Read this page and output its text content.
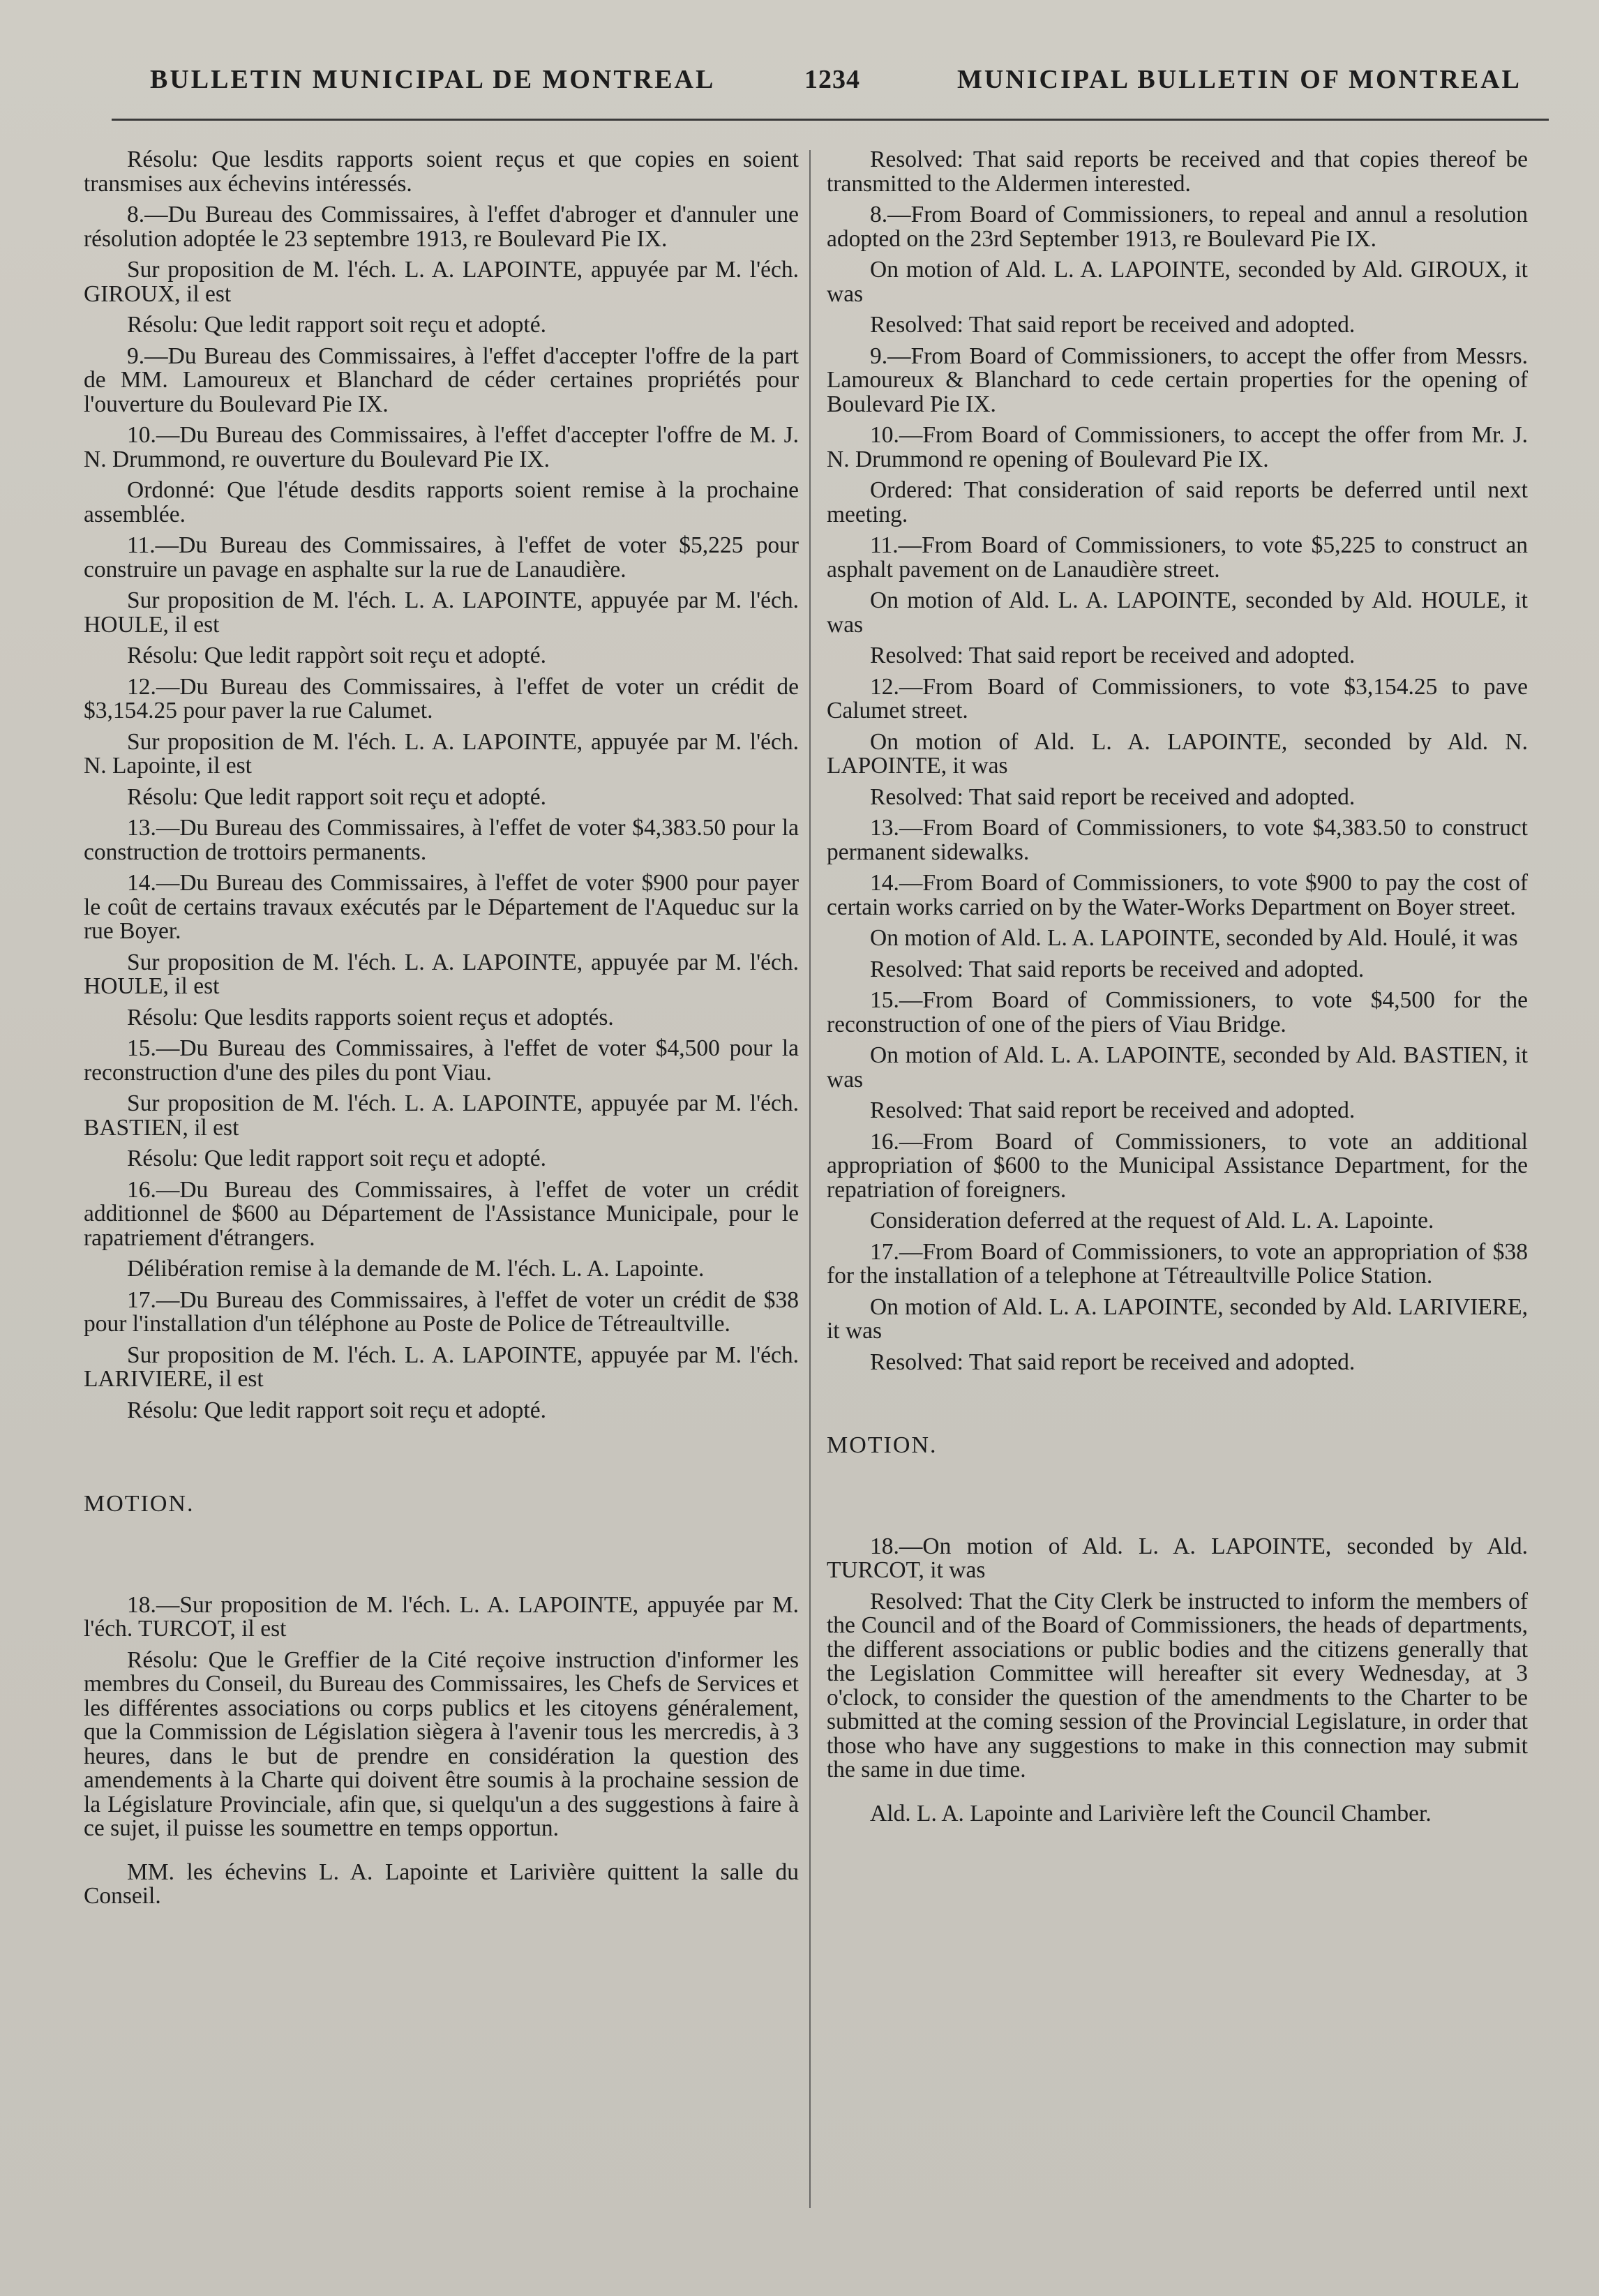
BULLETIN MUNICIPAL DE MONTREAL	1234	MUNICIPAL BULLETIN OF MONTREAL

Résolu: Que lesdits rapports soient reçus et que copies en soient transmises aux échevins intéressés.

8.—Du Bureau des Commissaires, à l'effet d'abroger et d'annuler une résolution adoptée le 23 septembre 1913, re Boulevard Pie IX.

Sur proposition de M. l'éch. L. A. LAPOINTE, appuyée par M. l'éch. GIROUX, il est

Résolu: Que ledit rapport soit reçu et adopté.

9.—Du Bureau des Commissaires, à l'effet d'accepter l'offre de la part de MM. Lamoureux et Blanchard de céder certaines propriétés pour l'ouverture du Boulevard Pie IX.

10.—Du Bureau des Commissaires, à l'effet d'accepter l'offre de M. J. N. Drummond, re ouverture du Boulevard Pie IX.

Ordonné: Que l'étude desdits rapports soient remise à la prochaine assemblée.

11.—Du Bureau des Commissaires, à l'effet de voter $5,225 pour construire un pavage en asphalte sur la rue de Lanaudière.

Sur proposition de M. l'éch. L. A. LAPOINTE, appuyée par M. l'éch. HOULE, il est

Résolu: Que ledit rappòrt soit reçu et adopté.

12.—Du Bureau des Commissaires, à l'effet de voter un crédit de $3,154.25 pour paver la rue Calumet.

Sur proposition de M. l'éch. L. A. LAPOINTE, appuyée par M. l'éch. N. Lapointe, il est

Résolu: Que ledit rapport soit reçu et adopté.

13.—Du Bureau des Commissaires, à l'effet de voter $4,383.50 pour la construction de trottoirs permanents.

14.—Du Bureau des Commissaires, à l'effet de voter $900 pour payer le coût de certains travaux exécutés par le Département de l'Aqueduc sur la rue Boyer.

Sur proposition de M. l'éch. L. A. LAPOINTE, appuyée par M. l'éch. HOULE, il est

Résolu: Que lesdits rapports soient reçus et adoptés.

15.—Du Bureau des Commissaires, à l'effet de voter $4,500 pour la reconstruction d'une des piles du pont Viau.

Sur proposition de M. l'éch. L. A. LAPOINTE, appuyée par M. l'éch. BASTIEN, il est

Résolu: Que ledit rapport soit reçu et adopté.

16.—Du Bureau des Commissaires, à l'effet de voter un crédit additionnel de $600 au Département de l'Assistance Municipale, pour le rapatriement d'étrangers.

Délibération remise à la demande de M. l'éch. L. A. Lapointe.

17.—Du Bureau des Commissaires, à l'effet de voter un crédit de $38 pour l'installation d'un téléphone au Poste de Police de Tétreaultville.

Sur proposition de M. l'éch. L. A. LAPOINTE, appuyée par M. l'éch. LARIVIERE, il est

Résolu: Que ledit rapport soit reçu et adopté.

MOTION.

18.—Sur proposition de M. l'éch. L. A. LAPOINTE, appuyée par M. l'éch. TURCOT, il est

Résolu: Que le Greffier de la Cité reçoive instruction d'informer les membres du Conseil, du Bureau des Commissaires, les Chefs de Services et les différentes associations ou corps publics et les citoyens généralement, que la Commission de Législation siègera à l'avenir tous les mercredis, à 3 heures, dans le but de prendre en considération la question des amendements à la Charte qui doivent être soumis à la prochaine session de la Législature Provinciale, afin que, si quelqu'un a des suggestions à faire à ce sujet, il puisse les soumettre en temps opportun.

MM. les échevins L. A. Lapointe et Larivière quittent la salle du Conseil.

Resolved: That said reports be received and that copies thereof be transmitted to the Aldermen interested.

8.—From Board of Commissioners, to repeal and annul a resolution adopted on the 23rd September 1913, re Boulevard Pie IX.

On motion of Ald. L. A. LAPOINTE, seconded by Ald. GIROUX, it was

Resolved: That said report be received and adopted.

9.—From Board of Commissioners, to accept the offer from Messrs. Lamoureux & Blanchard to cede certain properties for the opening of Boulevard Pie IX.

10.—From Board of Commissioners, to accept the offer from Mr. J. N. Drummond re opening of Boulevard Pie IX.

Ordered: That consideration of said reports be deferred until next meeting.

11.—From Board of Commissioners, to vote $5,225 to construct an asphalt pavement on de Lanaudière street.

On motion of Ald. L. A. LAPOINTE, seconded by Ald. HOULE, it was

Resolved: That said report be received and adopted.

12.—From Board of Commissioners, to vote $3,154.25 to pave Calumet street.

On motion of Ald. L. A. LAPOINTE, seconded by Ald. N. LAPOINTE, it was

Resolved: That said report be received and adopted.

13.—From Board of Commissioners, to vote $4,383.50 to construct permanent sidewalks.

14.—From Board of Commissioners, to vote $900 to pay the cost of certain works carried on by the Water-Works Department on Boyer street.

On motion of Ald. L. A. LAPOINTE, seconded by Ald. Houlé, it was

Resolved: That said reports be received and adopted.

15.—From Board of Commissioners, to vote $4,500 for the reconstruction of one of the piers of Viau Bridge.

On motion of Ald. L. A. LAPOINTE, seconded by Ald. BASTIEN, it was

Resolved: That said report be received and adopted.

16.—From Board of Commissioners, to vote an additional appropriation of $600 to the Municipal Assistance Department, for the repatriation of foreigners.

Consideration deferred at the request of Ald. L. A. Lapointe.

17.—From Board of Commissioners, to vote an appropriation of $38 for the installation of a telephone at Tétreaultville Police Station.

On motion of Ald. L. A. LAPOINTE, seconded by Ald. LARIVIERE, it was

Resolved: That said report be received and adopted.

MOTION.

18.—On motion of Ald. L. A. LAPOINTE, seconded by Ald. TURCOT, it was

Resolved: That the City Clerk be instructed to inform the members of the Council and of the Board of Commissioners, the heads of departments, the different associations or public bodies and the citizens generally that the Legislation Committee will hereafter sit every Wednesday, at 3 o'clock, to consider the question of the amendments to the Charter to be submitted at the coming session of the Provincial Legislature, in order that those who have any suggestions to make in this connection may submit the same in due time.

Ald. L. A. Lapointe and Larivière left the Council Chamber.
